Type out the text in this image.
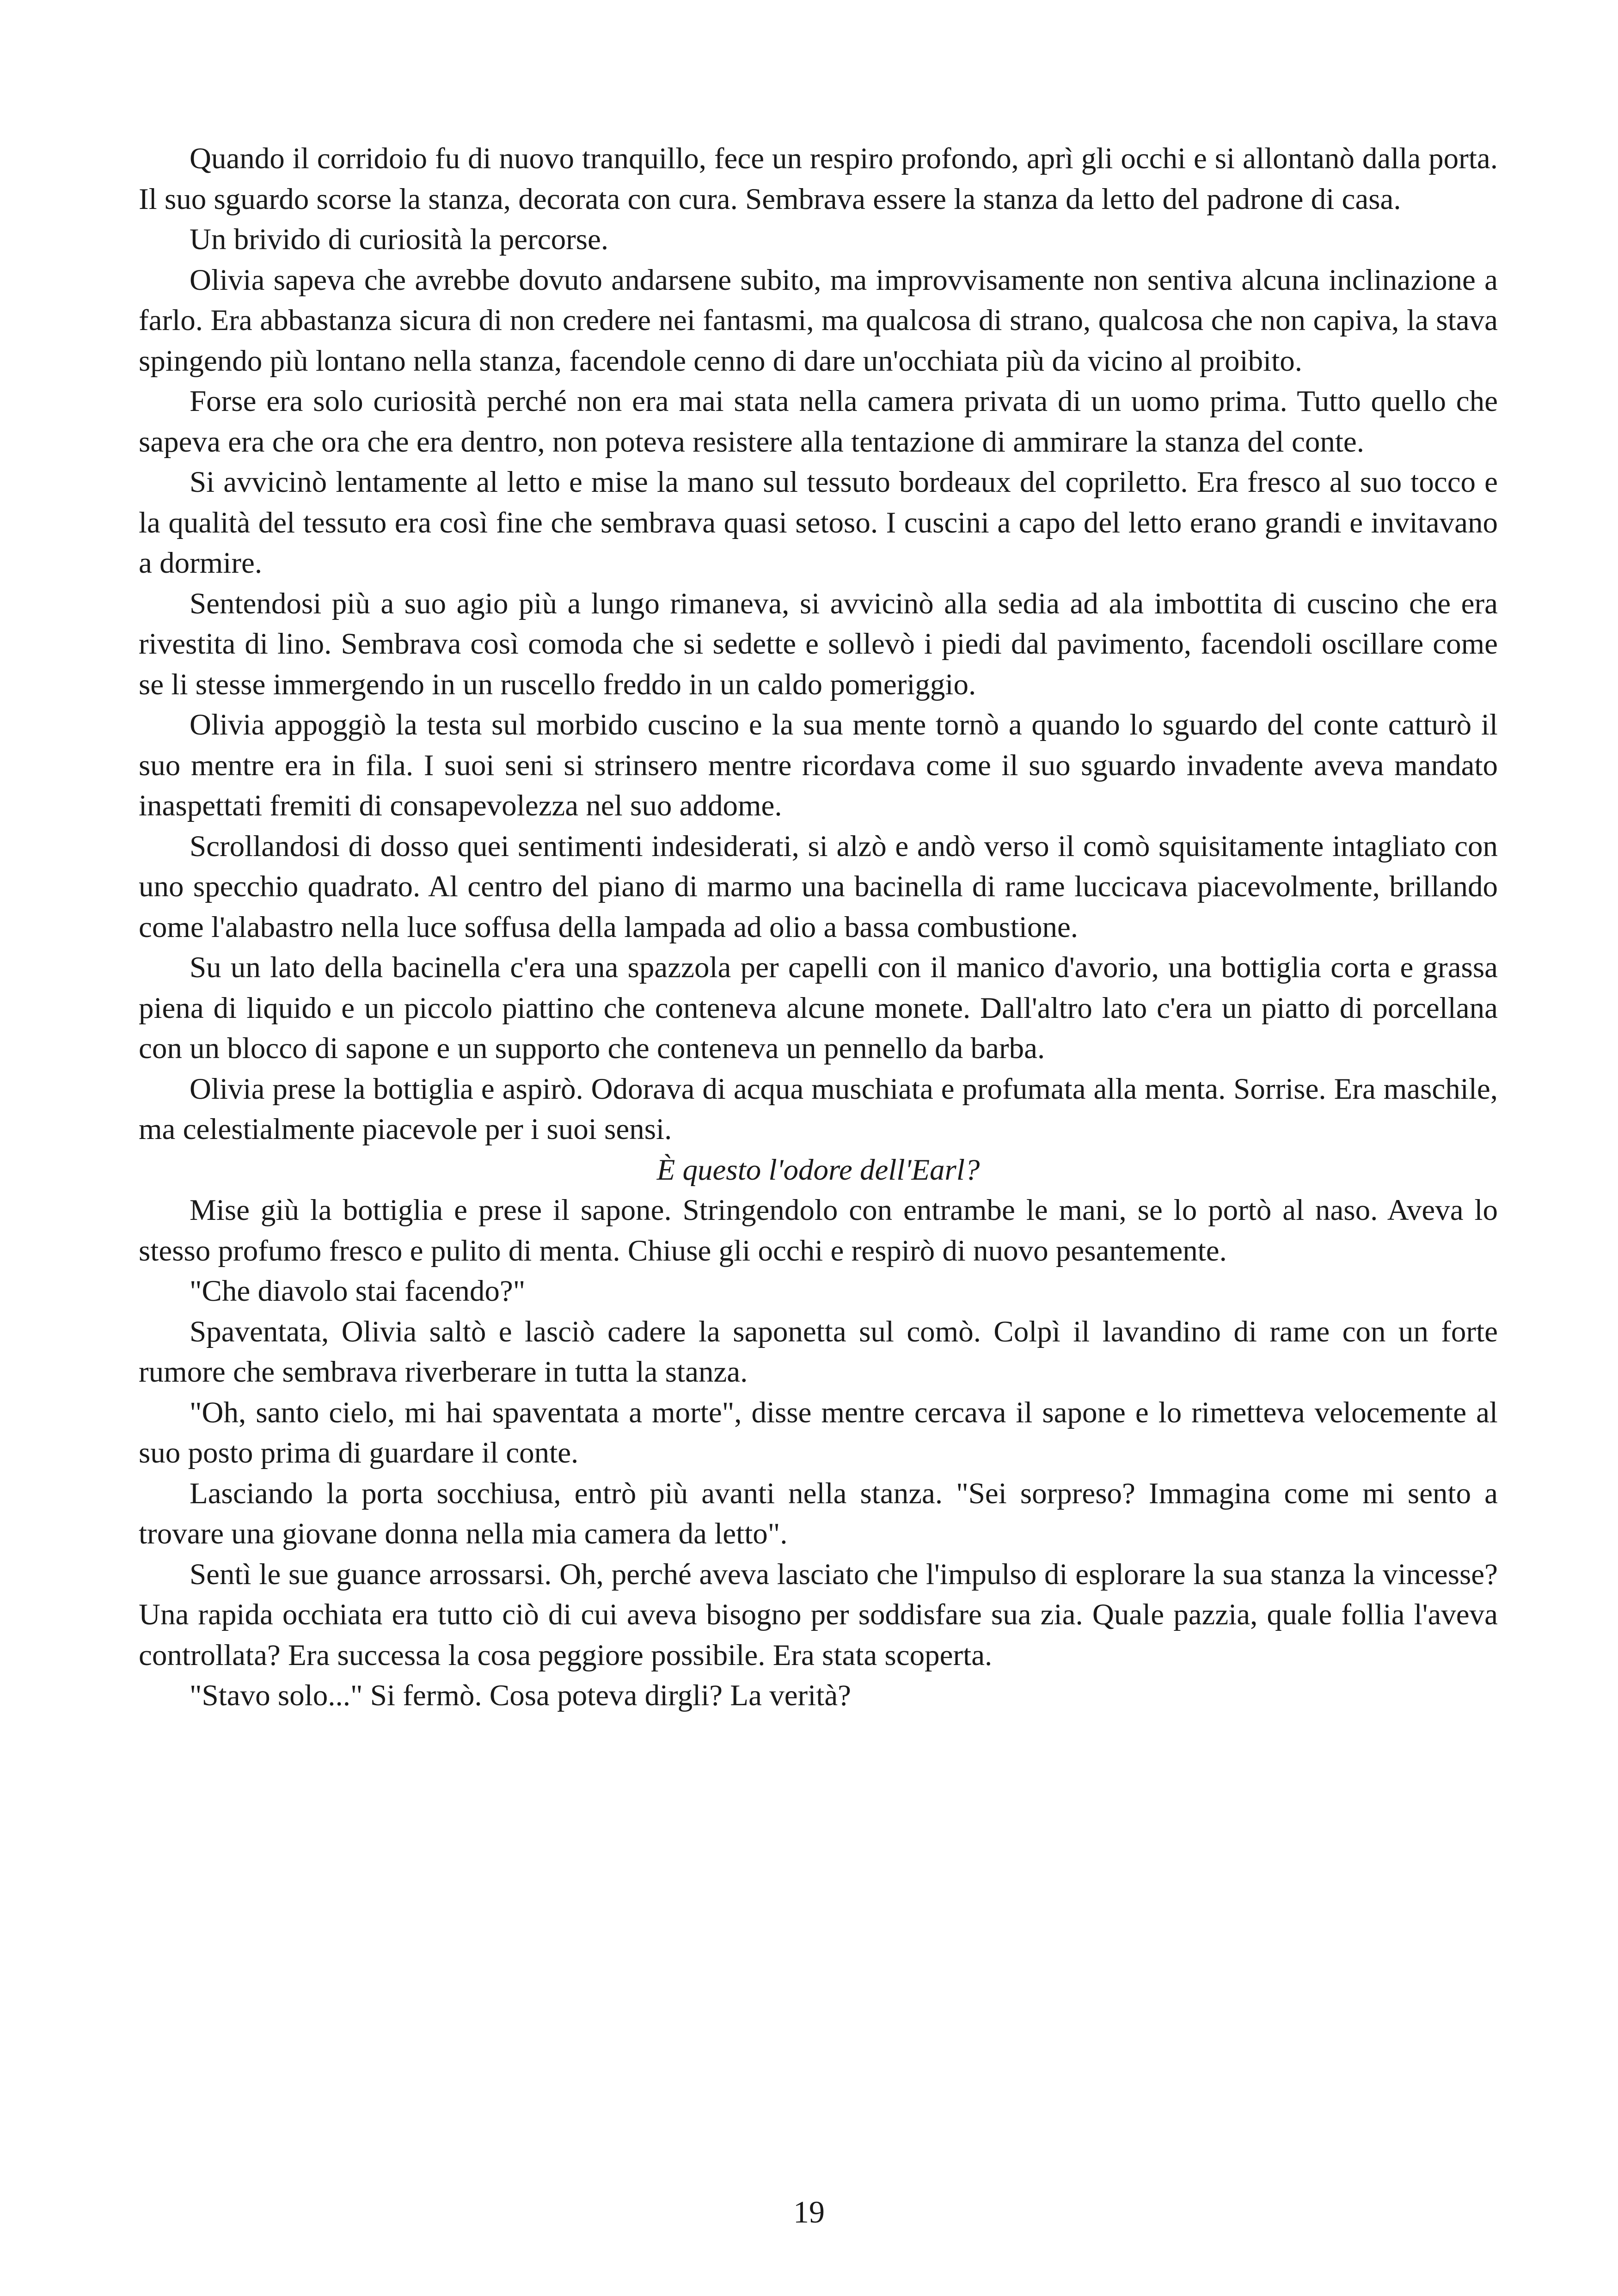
Quando il corridoio fu di nuovo tranquillo, fece un respiro profondo, aprì gli occhi e si allontanò dalla porta. Il suo sguardo scorse la stanza, decorata con cura. Sembrava essere la stanza da letto del padrone di casa.

Un brivido di curiosità la percorse.

Olivia sapeva che avrebbe dovuto andarsene subito, ma improvvisamente non sentiva alcuna inclinazione a farlo. Era abbastanza sicura di non credere nei fantasmi, ma qualcosa di strano, qualcosa che non capiva, la stava spingendo più lontano nella stanza, facendole cenno di dare un'occhiata più da vicino al proibito.

Forse era solo curiosità perché non era mai stata nella camera privata di un uomo prima. Tutto quello che sapeva era che ora che era dentro, non poteva resistere alla tentazione di ammirare la stanza del conte.

Si avvicinò lentamente al letto e mise la mano sul tessuto bordeaux del copriletto. Era fresco al suo tocco e la qualità del tessuto era così fine che sembrava quasi setoso. I cuscini a capo del letto erano grandi e invitavano a dormire.

Sentendosi più a suo agio più a lungo rimaneva, si avvicinò alla sedia ad ala imbottita di cuscino che era rivestita di lino. Sembrava così comoda che si sedette e sollevò i piedi dal pavimento, facendoli oscillare come se li stesse immergendo in un ruscello freddo in un caldo pomeriggio.

Olivia appoggiò la testa sul morbido cuscino e la sua mente tornò a quando lo sguardo del conte catturò il suo mentre era in fila. I suoi seni si strinsero mentre ricordava come il suo sguardo invadente aveva mandato inaspettati fremiti di consapevolezza nel suo addome.

Scrollandosi di dosso quei sentimenti indesiderati, si alzò e andò verso il comò squisitamente intagliato con uno specchio quadrato. Al centro del piano di marmo una bacinella di rame luccicava piacevolmente, brillando come l'alabastro nella luce soffusa della lampada ad olio a bassa combustione.

Su un lato della bacinella c'era una spazzola per capelli con il manico d'avorio, una bottiglia corta e grassa piena di liquido e un piccolo piattino che conteneva alcune monete. Dall'altro lato c'era un piatto di porcellana con un blocco di sapone e un supporto che conteneva un pennello da barba.

Olivia prese la bottiglia e aspirò. Odorava di acqua muschiata e profumata alla menta. Sorrise. Era maschile, ma celestialmente piacevole per i suoi sensi.

È questo l'odore dell'Earl?

Mise giù la bottiglia e prese il sapone. Stringendolo con entrambe le mani, se lo portò al naso. Aveva lo stesso profumo fresco e pulito di menta. Chiuse gli occhi e respirò di nuovo pesantemente.

"Che diavolo stai facendo?"

Spaventata, Olivia saltò e lasciò cadere la saponetta sul comò. Colpì il lavandino di rame con un forte rumore che sembrava riverberare in tutta la stanza.

"Oh, santo cielo, mi hai spaventata a morte", disse mentre cercava il sapone e lo rimetteva velocemente al suo posto prima di guardare il conte.

Lasciando la porta socchiusa, entrò più avanti nella stanza. "Sei sorpreso? Immagina come mi sento a trovare una giovane donna nella mia camera da letto".

Sentì le sue guance arrossarsi. Oh, perché aveva lasciato che l'impulso di esplorare la sua stanza la vincesse? Una rapida occhiata era tutto ciò di cui aveva bisogno per soddisfare sua zia. Quale pazzia, quale follia l'aveva controllata? Era successa la cosa peggiore possibile. Era stata scoperta.

"Stavo solo..." Si fermò. Cosa poteva dirgli? La verità?

19
